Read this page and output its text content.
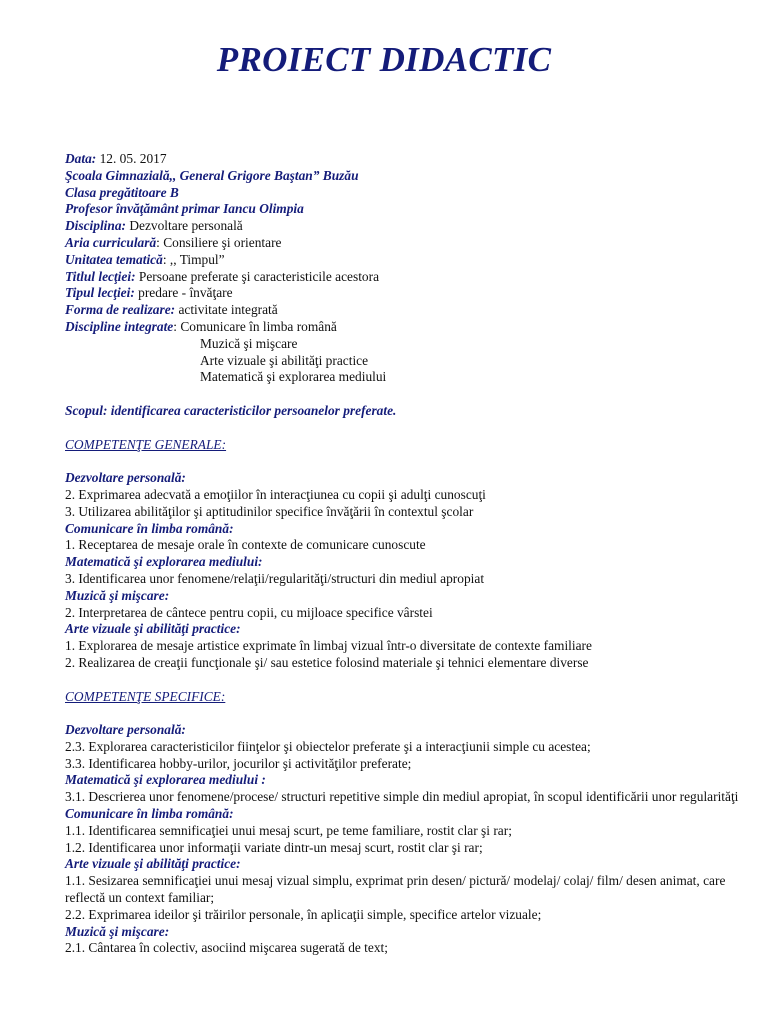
PROIECT DIDACTIC
Data: 12. 05. 2017
Şcoala Gimnazială,, General Grigore Baştan” Buzău
Clasa pregătitoare B
Profesor învăţământ primar Iancu Olimpia
Disciplina: Dezvoltare personală
Aria curriculară: Consiliere şi orientare
Unitatea tematică: ,, Timpul”
Titlul lecţiei: Persoane preferate şi caracteristicile acestora
Tipul lecţiei: predare - învăţare
Forma de realizare: activitate integrată
Discipline integrate: Comunicare în limba română
Muzică şi mişcare
Arte vizuale şi abilităţi practice
Matematică şi explorarea mediului
Scopul: identificarea caracteristicilor persoanelor preferate.
COMPETENŢE GENERALE:
Dezvoltare personală:
2. Exprimarea adecvată a emoţiilor în interacţiunea cu copii şi adulţi cunoscuţi
3. Utilizarea abilităţilor şi aptitudinilor specifice învăţării în contextul şcolar
Comunicare în limba română:
1. Receptarea de mesaje orale în contexte de comunicare cunoscute
Matematică şi explorarea mediului:
3. Identificarea unor fenomene/relaţii/regularităţi/structuri din mediul apropiat
Muzică şi mişcare:
2. Interpretarea de cântece pentru copii, cu mijloace specifice vârstei
Arte vizuale şi abilităţi practice:
1. Explorarea de mesaje artistice exprimate în limbaj vizual într-o diversitate de contexte familiare
2. Realizarea de creaţii funcţionale şi/ sau estetice folosind materiale şi tehnici elementare diverse
COMPETENŢE SPECIFICE:
Dezvoltare personală:
2.3. Explorarea caracteristicilor fiinţelor şi obiectelor preferate şi a interacţiunii simple cu acestea;
3.3. Identificarea hobby-urilor, jocurilor şi activităţilor preferate;
Matematică şi explorarea mediului :
3.1. Descrierea unor fenomene/procese/ structuri repetitive simple din mediul apropiat, în scopul identificării unor regularităţi
Comunicare în limba română:
1.1. Identificarea semnificaţiei unui mesaj scurt, pe teme familiare, rostit clar şi rar;
1.2. Identificarea unor informaţii variate dintr-un mesaj scurt, rostit clar şi rar;
Arte vizuale şi abilităţi practice:
1.1. Sesizarea semnificaţiei unui mesaj vizual simplu, exprimat prin desen/ pictură/ modelaj/ colaj/ film/ desen animat, care reflectă un context familiar;
2.2. Exprimarea ideilor şi trăirilor personale, în aplicaţii simple, specifice artelor vizuale;
Muzică şi mişcare:
2.1. Cântarea în colectiv, asociind mişcarea sugerată de text;
